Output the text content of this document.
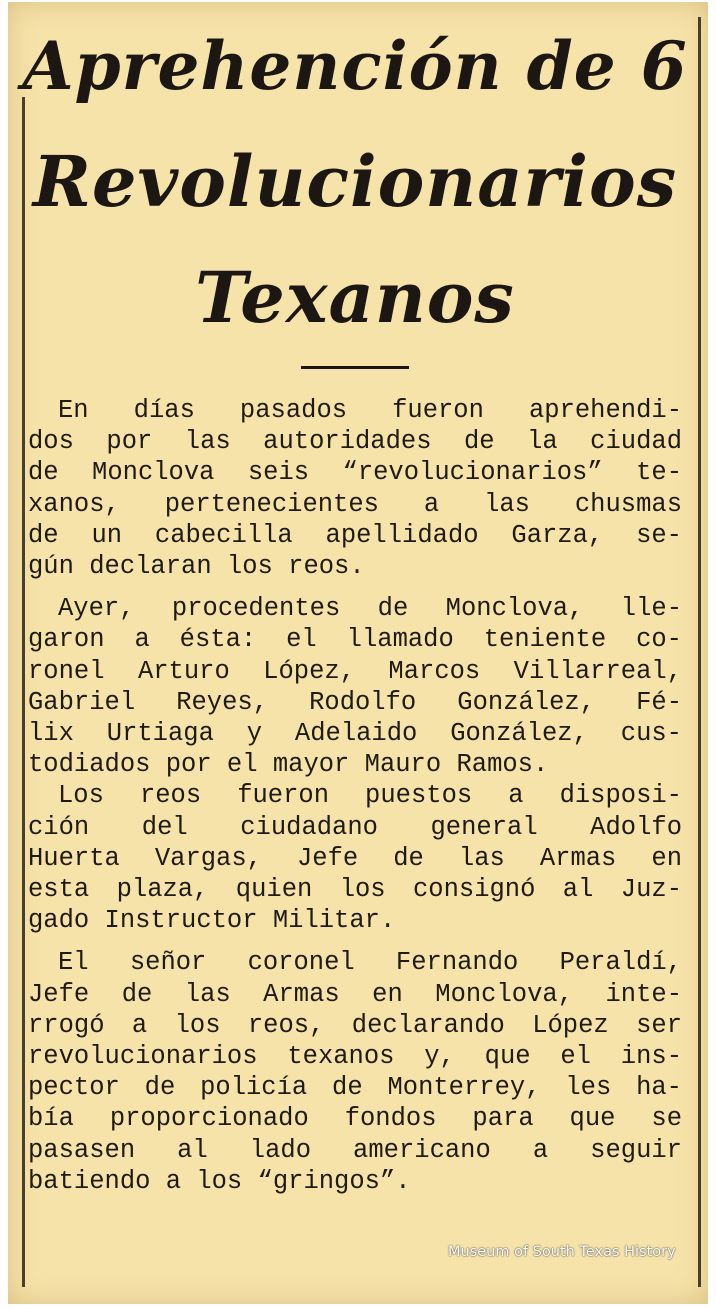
Aprehención de 6
Revolucionarios
Texanos

En días pasados fueron aprehendi-
dos por las autoridades de la ciudad
de Monclova seis “revolucionarios” te-
xanos, pertenecientes a las chusmas
de un cabecilla apellidado Garza, se-
gún declaran los reos.

Ayer, procedentes de Monclova, lle-
garon a ésta: el llamado teniente co-
ronel Arturo López, Marcos Villarreal,
Gabriel Reyes, Rodolfo González, Fé-
lix Urtiaga y Adelaido González, cus-
todiados por el mayor Mauro Ramos.

Los reos fueron puestos a disposi-
ción del ciudadano general Adolfo
Huerta Vargas, Jefe de las Armas en
esta plaza, quien los consignó al Juz-
gado Instructor Militar.

El señor coronel Fernando Peraldí,
Jefe de las Armas en Monclova, inte-
rrogó a los reos, declarando López ser
revolucionarios texanos y, que el ins-
pector de policía de Monterrey, les ha-
bía proporcionado fondos para que se
pasasen al lado americano a seguir
batiendo a los “gringos”.

Museum of South Texas History
